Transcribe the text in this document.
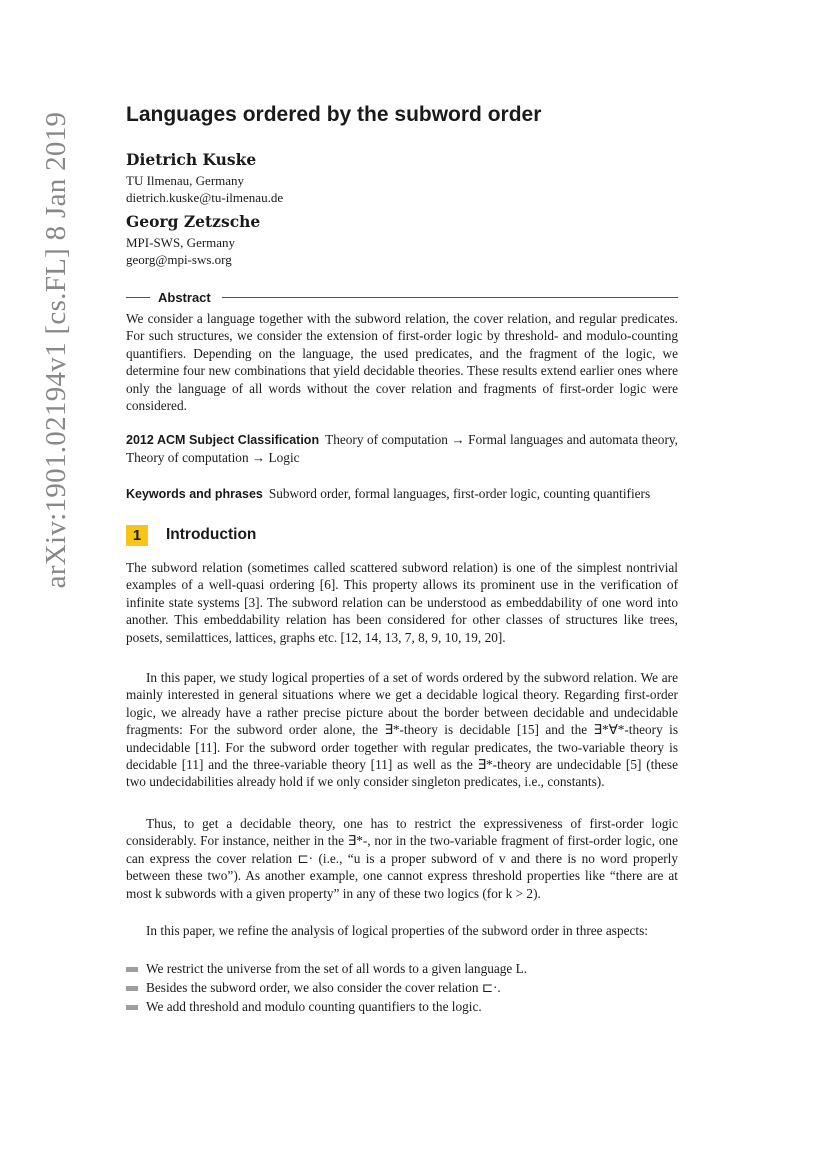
arXiv:1901.02194v1 [cs.FL] 8 Jan 2019	Languages ordered by the subword order
Dietrich Kuske
TU Ilmenau, Germany
dietrich.kuske@tu-ilmenau.de
Georg Zetzsche
MPI-SWS, Germany
georg@mpi-sws.org
Abstract

We consider a language together with the subword relation, the cover relation, and regular predicates. For such structures, we consider the extension of first-order logic by threshold- and modulo-counting quantifiers. Depending on the language, the used predicates, and the fragment of the logic, we determine four new combinations that yield decidable theories. These results extend earlier ones where only the language of all words without the cover relation and fragments of first-order logic were considered.

2012 ACM Subject Classification Theory of computation → Formal languages and automata theory, Theory of computation → Logic

Keywords and phrases Subword order, formal languages, first-order logic, counting quantifiers

1	Introduction

The subword relation (sometimes called scattered subword relation) is one of the simplest nontrivial examples of a well-quasi ordering [6]. This property allows its prominent use in the verification of infinite state systems [3]. The subword relation can be understood as embeddability of one word into another. This embeddability relation has been considered for other classes of structures like trees, posets, semilattices, lattices, graphs etc. [12, 14, 13, 7, 8, 9, 10, 19, 20].

In this paper, we study logical properties of a set of words ordered by the subword relation. We are mainly interested in general situations where we get a decidable logical theory. Regarding first-order logic, we already have a rather precise picture about the border between decidable and undecidable fragments: For the subword order alone, the ∃*-theory is decidable [15] and the ∃*∀*-theory is undecidable [11]. For the subword order together with regular predicates, the two-variable theory is decidable [11] and the three-variable theory [11] as well as the ∃*-theory are undecidable [5] (these two undecidabilities already hold if we only consider singleton predicates, i.e., constants).

Thus, to get a decidable theory, one has to restrict the expressiveness of first-order logic considerably. For instance, neither in the ∃*-, nor in the two-variable fragment of first-order logic, one can express the cover relation ⊏· (i.e., “u is a proper subword of v and there is no word properly between these two”). As another example, one cannot express threshold properties like “there are at most k subwords with a given property” in any of these two logics (for k > 2).

In this paper, we refine the analysis of logical properties of the subword order in three aspects:

We restrict the universe from the set of all words to a given language L.
Besides the subword order, we also consider the cover relation ⊏·.
We add threshold and modulo counting quantifiers to the logic.
